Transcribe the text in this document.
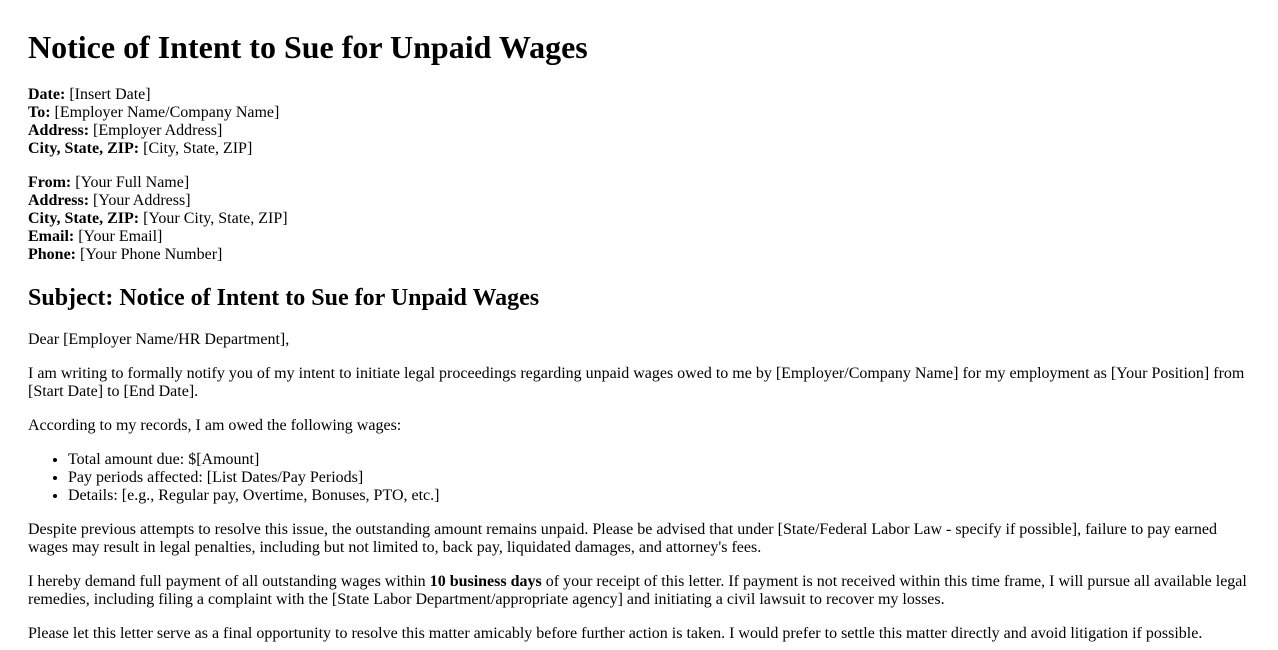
Notice of Intent to Sue for Unpaid Wages
Date: [Insert Date]
To: [Employer Name/Company Name]
Address: [Employer Address]
City, State, ZIP: [City, State, ZIP]
From: [Your Full Name]
Address: [Your Address]
City, State, ZIP: [Your City, State, ZIP]
Email: [Your Email]
Phone: [Your Phone Number]
Subject: Notice of Intent to Sue for Unpaid Wages

Dear [Employer Name/HR Department],

I am writing to formally notify you of my intent to initiate legal proceedings regarding unpaid wages owed to me by [Employer/Company Name] for my employment as [Your Position] from [Start Date] to [End Date].

According to my records, I am owed the following wages:

• Total amount due: $[Amount]
• Pay periods affected: [List Dates/Pay Periods]
• Details: [e.g., Regular pay, Overtime, Bonuses, PTO, etc.]

Despite previous attempts to resolve this issue, the outstanding amount remains unpaid. Please be advised that under [State/Federal Labor Law - specify if possible], failure to pay earned wages may result in legal penalties, including but not limited to, back pay, liquidated damages, and attorney's fees.

I hereby demand full payment of all outstanding wages within 10 business days of your receipt of this letter. If payment is not received within this time frame, I will pursue all available legal remedies, including filing a complaint with the [State Labor Department/appropriate agency] and initiating a civil lawsuit to recover my losses.

Please let this letter serve as a final opportunity to resolve this matter amicably before further action is taken. I would prefer to settle this matter directly and avoid litigation if possible.
